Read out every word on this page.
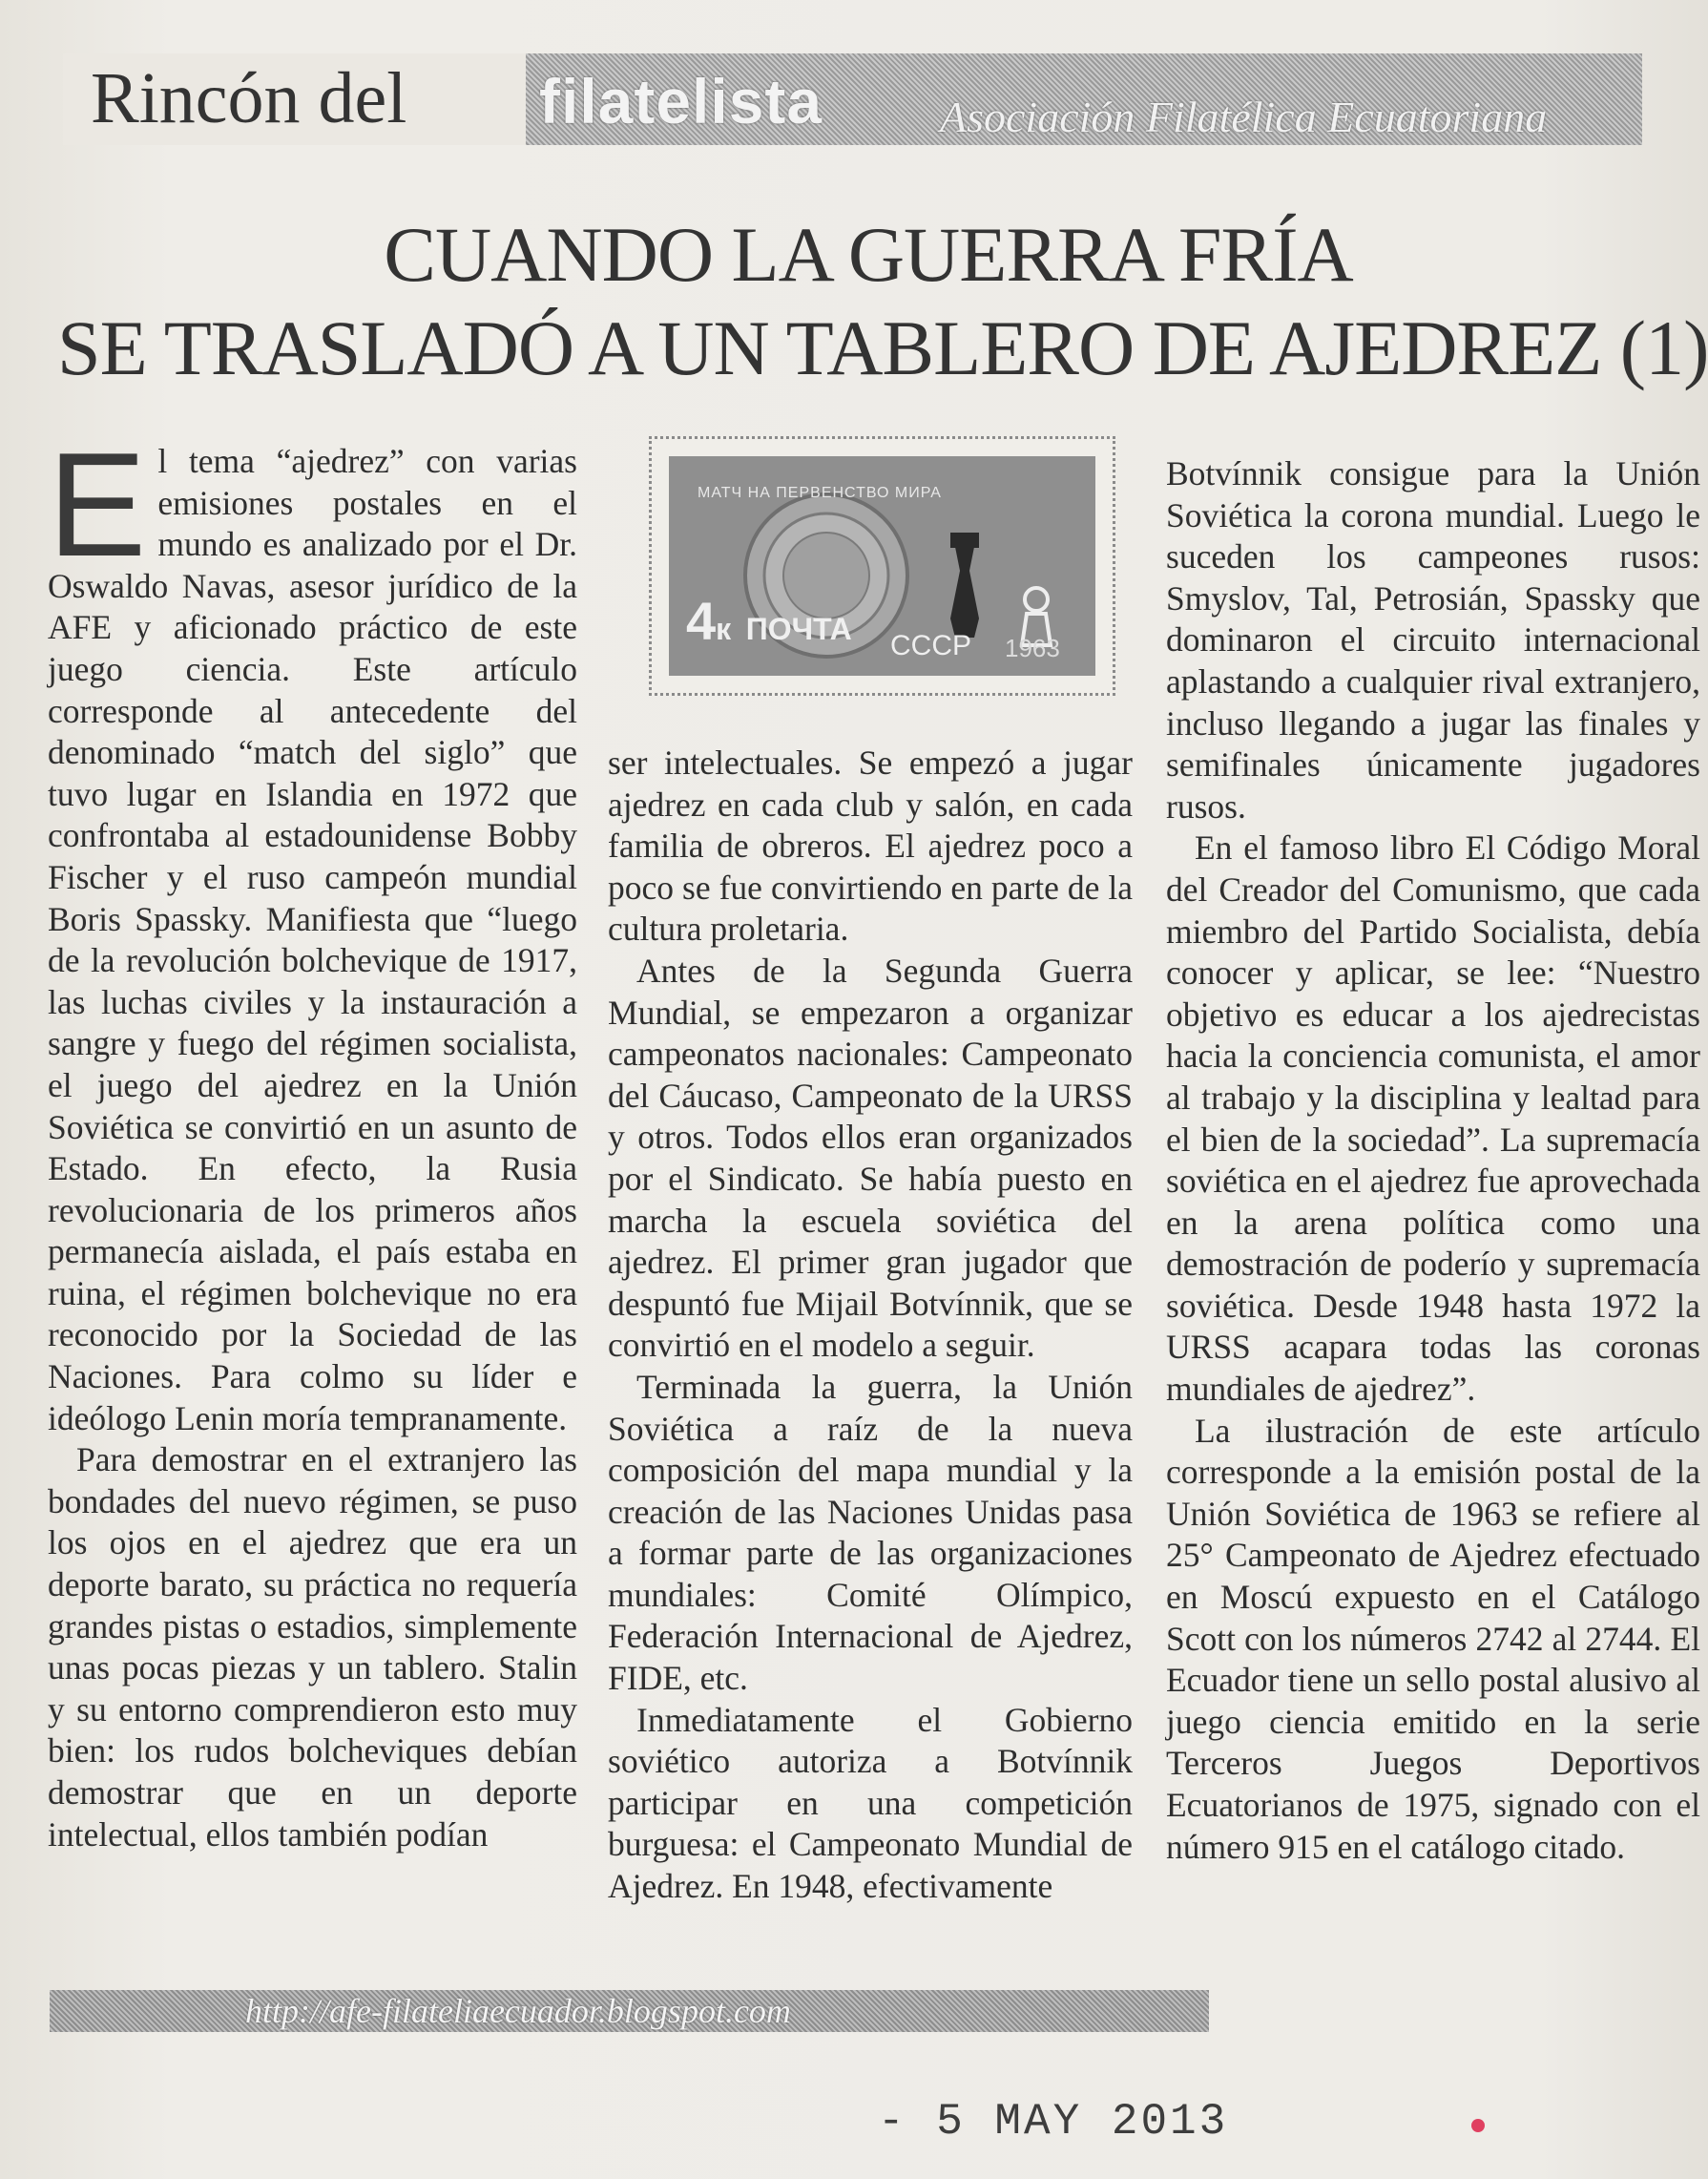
Rincón del filatelista	Asociación Filatélica Ecuatoriana
CUANDO LA GUERRA FRÍA
SE TRASLADÓ A UN TABLERO DE AJEDREZ (1)

El tema “ajedrez” con varias emisiones postales en el mundo es analizado por el Dr. Oswaldo Navas, asesor jurídico de la AFE y aficionado práctico de este juego ciencia. Este artículo corresponde al antecedente del denominado “match del siglo” que tuvo lugar en Islandia en 1972 que confrontaba al estadounidense Bobby Fischer y el ruso campeón mundial Boris Spassky. Manifiesta que “luego de la revolución bolchevique de 1917, las luchas civiles y la instauración a sangre y fuego del régimen socialista, el juego del ajedrez en la Unión Soviética se convirtió en un asunto de Estado. En efecto, la Rusia revolucionaria de los primeros años permanecía aislada, el país estaba en ruina, el régimen bolchevique no era reconocido por la Sociedad de las Naciones. Para colmo su líder e ideólogo Lenin moría tempranamente.

Para demostrar en el extranjero las bondades del nuevo régimen, se puso los ojos en el ajedrez que era un deporte barato, su práctica no requería grandes pistas o estadios, simplemente unas pocas piezas y un tablero. Stalin y su entorno comprendieron esto muy bien: los rudos bolcheviques debían demostrar que en un deporte intelectual, ellos también podían

МАТЧ НА ПЕРВЕНСТВО МИРА
4к ПОЧТА СССР 1963

ser intelectuales. Se empezó a jugar ajedrez en cada club y salón, en cada familia de obreros. El ajedrez poco a poco se fue convirtiendo en parte de la cultura proletaria.

Antes de la Segunda Guerra Mundial, se empezaron a organizar campeonatos nacionales: Campeonato del Cáucaso, Campeonato de la URSS y otros. Todos ellos eran organizados por el Sindicato. Se había puesto en marcha la escuela soviética del ajedrez. El primer gran jugador que despuntó fue Mijail Botvínnik, que se convirtió en el modelo a seguir.

Terminada la guerra, la Unión Soviética a raíz de la nueva composición del mapa mundial y la creación de las Naciones Unidas pasa a formar parte de las organizaciones mundiales: Comité Olímpico, Federación Internacional de Ajedrez, FIDE, etc.

Inmediatamente el Gobierno soviético autoriza a Botvínnik participar en una competición burguesa: el Campeonato Mundial de Ajedrez. En 1948, efectivamente

Botvínnik consigue para la Unión Soviética la corona mundial. Luego le suceden los campeones rusos: Smyslov, Tal, Petrosián, Spassky que dominaron el circuito internacional aplastando a cualquier rival extranjero, incluso llegando a jugar las finales y semifinales únicamente jugadores rusos.

En el famoso libro El Código Moral del Creador del Comunismo, que cada miembro del Partido Socialista, debía conocer y aplicar, se lee: “Nuestro objetivo es educar a los ajedrecistas hacia la conciencia comunista, el amor al trabajo y la disciplina y lealtad para el bien de la sociedad”. La supremacía soviética en el ajedrez fue aprovechada en la arena política como una demostración de poderío y supremacía soviética. Desde 1948 hasta 1972 la URSS acapara todas las coronas mundiales de ajedrez”.

La ilustración de este artículo corresponde a la emisión postal de la Unión Soviética de 1963 se refiere al 25° Campeonato de Ajedrez efectuado en Moscú expuesto en el Catálogo Scott con los números 2742 al 2744. El Ecuador tiene un sello postal alusivo al juego ciencia emitido en la serie Terceros Juegos Deportivos Ecuatorianos de 1975, signado con el número 915 en el catálogo citado.

http://afe-filateliaecuador.blogspot.com
- 5 MAY 2013
